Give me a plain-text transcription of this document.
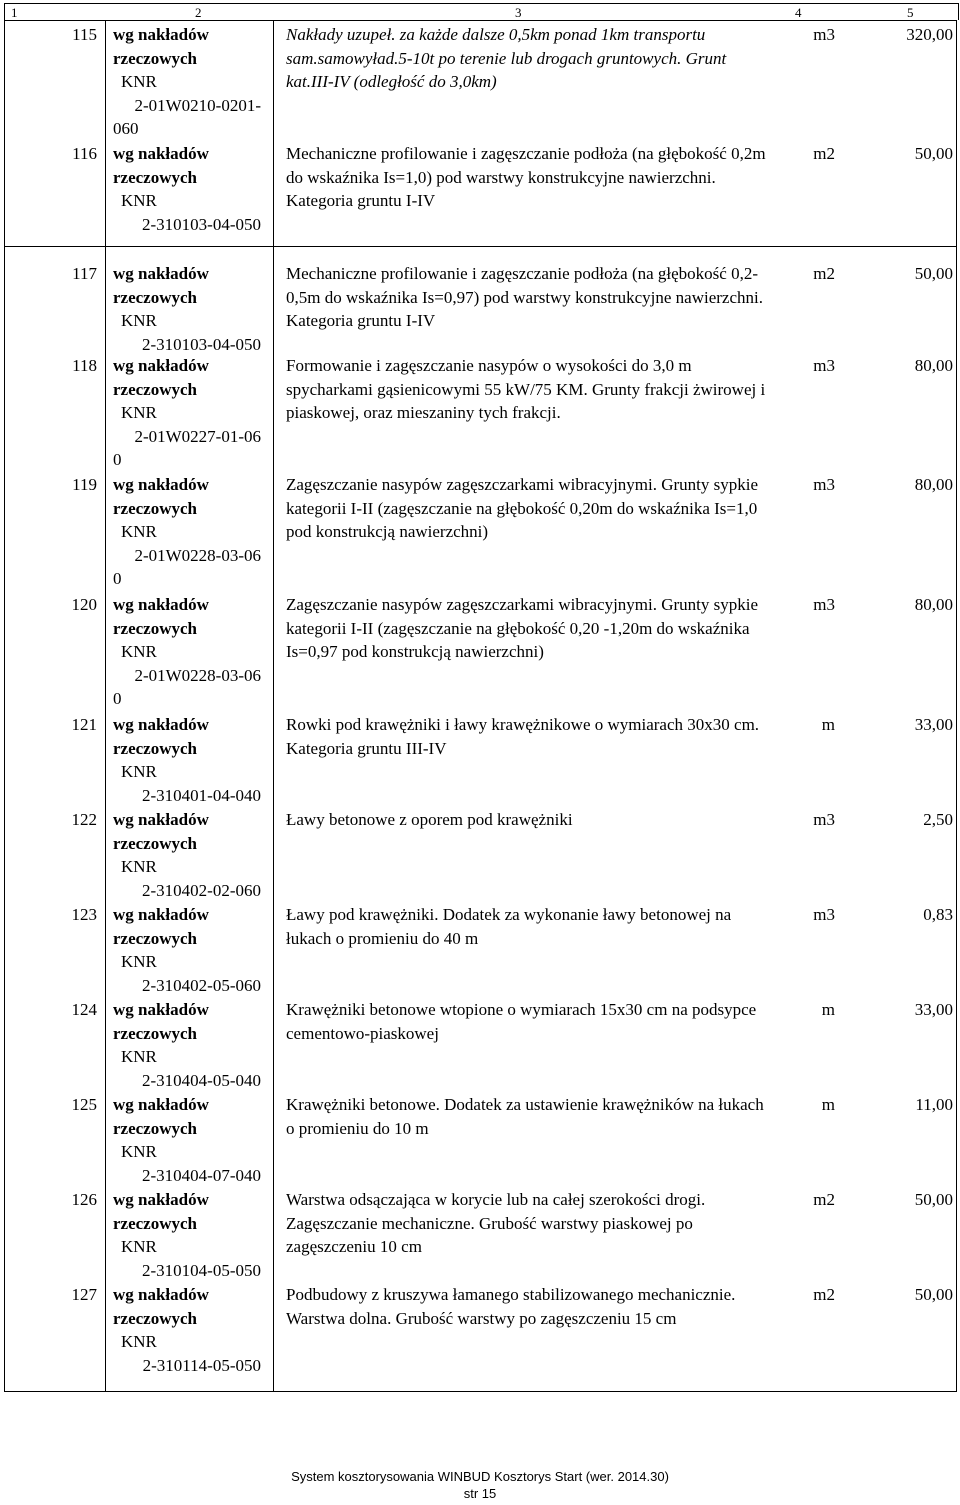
1	2	3	4	5
115 wg nakładów
rzeczowych
KNR
2-01W0210-0201-
060
Nakłady uzupeł. za każde dalsze 0,5km ponad 1km transportu sam.samowyład.5-10t po terenie lub drogach gruntowych. Grunt kat.III-IV (odległość do 3,0km)
m3	320,00
116 wg nakładów
rzeczowych
KNR
2-310103-04-050
Mechaniczne profilowanie i zagęszczanie podłoża (na głębokość 0,2m do wskaźnika Is=1,0) pod warstwy konstrukcyjne nawierzchni. Kategoria gruntu I-IV
m2	50,00
117 wg nakładów
rzeczowych
KNR
2-310103-04-050
Mechaniczne profilowanie i zagęszczanie podłoża (na głębokość 0,2-0,5m do wskaźnika Is=0,97) pod warstwy konstrukcyjne nawierzchni. Kategoria gruntu I-IV
m2	50,00
118 wg nakładów
rzeczowych
KNR
2-01W0227-01-06
0
Formowanie i zagęszczanie nasypów o wysokości do 3,0 m spycharkami gąsienicowymi 55 kW/75 KM. Grunty frakcji żwirowej i piaskowej, oraz mieszaniny tych frakcji.
m3	80,00
119 wg nakładów
rzeczowych
KNR
2-01W0228-03-06
0
Zagęszczanie nasypów zagęszczarkami wibracyjnymi. Grunty sypkie kategorii I-II (zagęszczanie na głębokość 0,20m do wskaźnika Is=1,0 pod konstrukcją nawierzchni)
m3	80,00
120 wg nakładów
rzeczowych
KNR
2-01W0228-03-06
0
Zagęszczanie nasypów zagęszczarkami wibracyjnymi. Grunty sypkie kategorii I-II (zagęszczanie na głębokość 0,20 -1,20m do wskaźnika Is=0,97 pod konstrukcją nawierzchni)
m3	80,00
121 wg nakładów
rzeczowych
KNR
2-310401-04-040
Rowki pod krawężniki i ławy krawężnikowe o wymiarach 30x30 cm. Kategoria gruntu III-IV
m	33,00
122 wg nakładów
rzeczowych
KNR
2-310402-02-060
Ławy betonowe z oporem pod krawężniki	m3	2,50
123 wg nakładów
rzeczowych
KNR
2-310402-05-060
Ławy pod krawężniki. Dodatek za wykonanie ławy betonowej na łukach o promieniu do 40 m
m3	0,83
124 wg nakładów
rzeczowych
KNR
2-310404-05-040
Krawężniki betonowe wtopione o wymiarach 15x30 cm na podsypce cementowo-piaskowej
m	33,00
125 wg nakładów
rzeczowych
KNR
2-310404-07-040
Krawężniki betonowe. Dodatek za ustawienie krawężników na łukach o promieniu do 10 m
m	11,00
126 wg nakładów
rzeczowych
KNR
2-310104-05-050
Warstwa odsączająca w korycie lub na całej szerokości drogi. Zagęszczanie mechaniczne. Grubość warstwy piaskowej po zagęszczeniu 10 cm
m2	50,00
127 wg nakładów
rzeczowych
KNR
2-310114-05-050
Podbudowy z kruszywa łamanego stabilizowanego mechanicznie. Warstwa dolna. Grubość warstwy po zagęszczeniu 15 cm
m2	50,00
System kosztorysowania WINBUD Kosztorys Start (wer. 2014.30)
str 15
